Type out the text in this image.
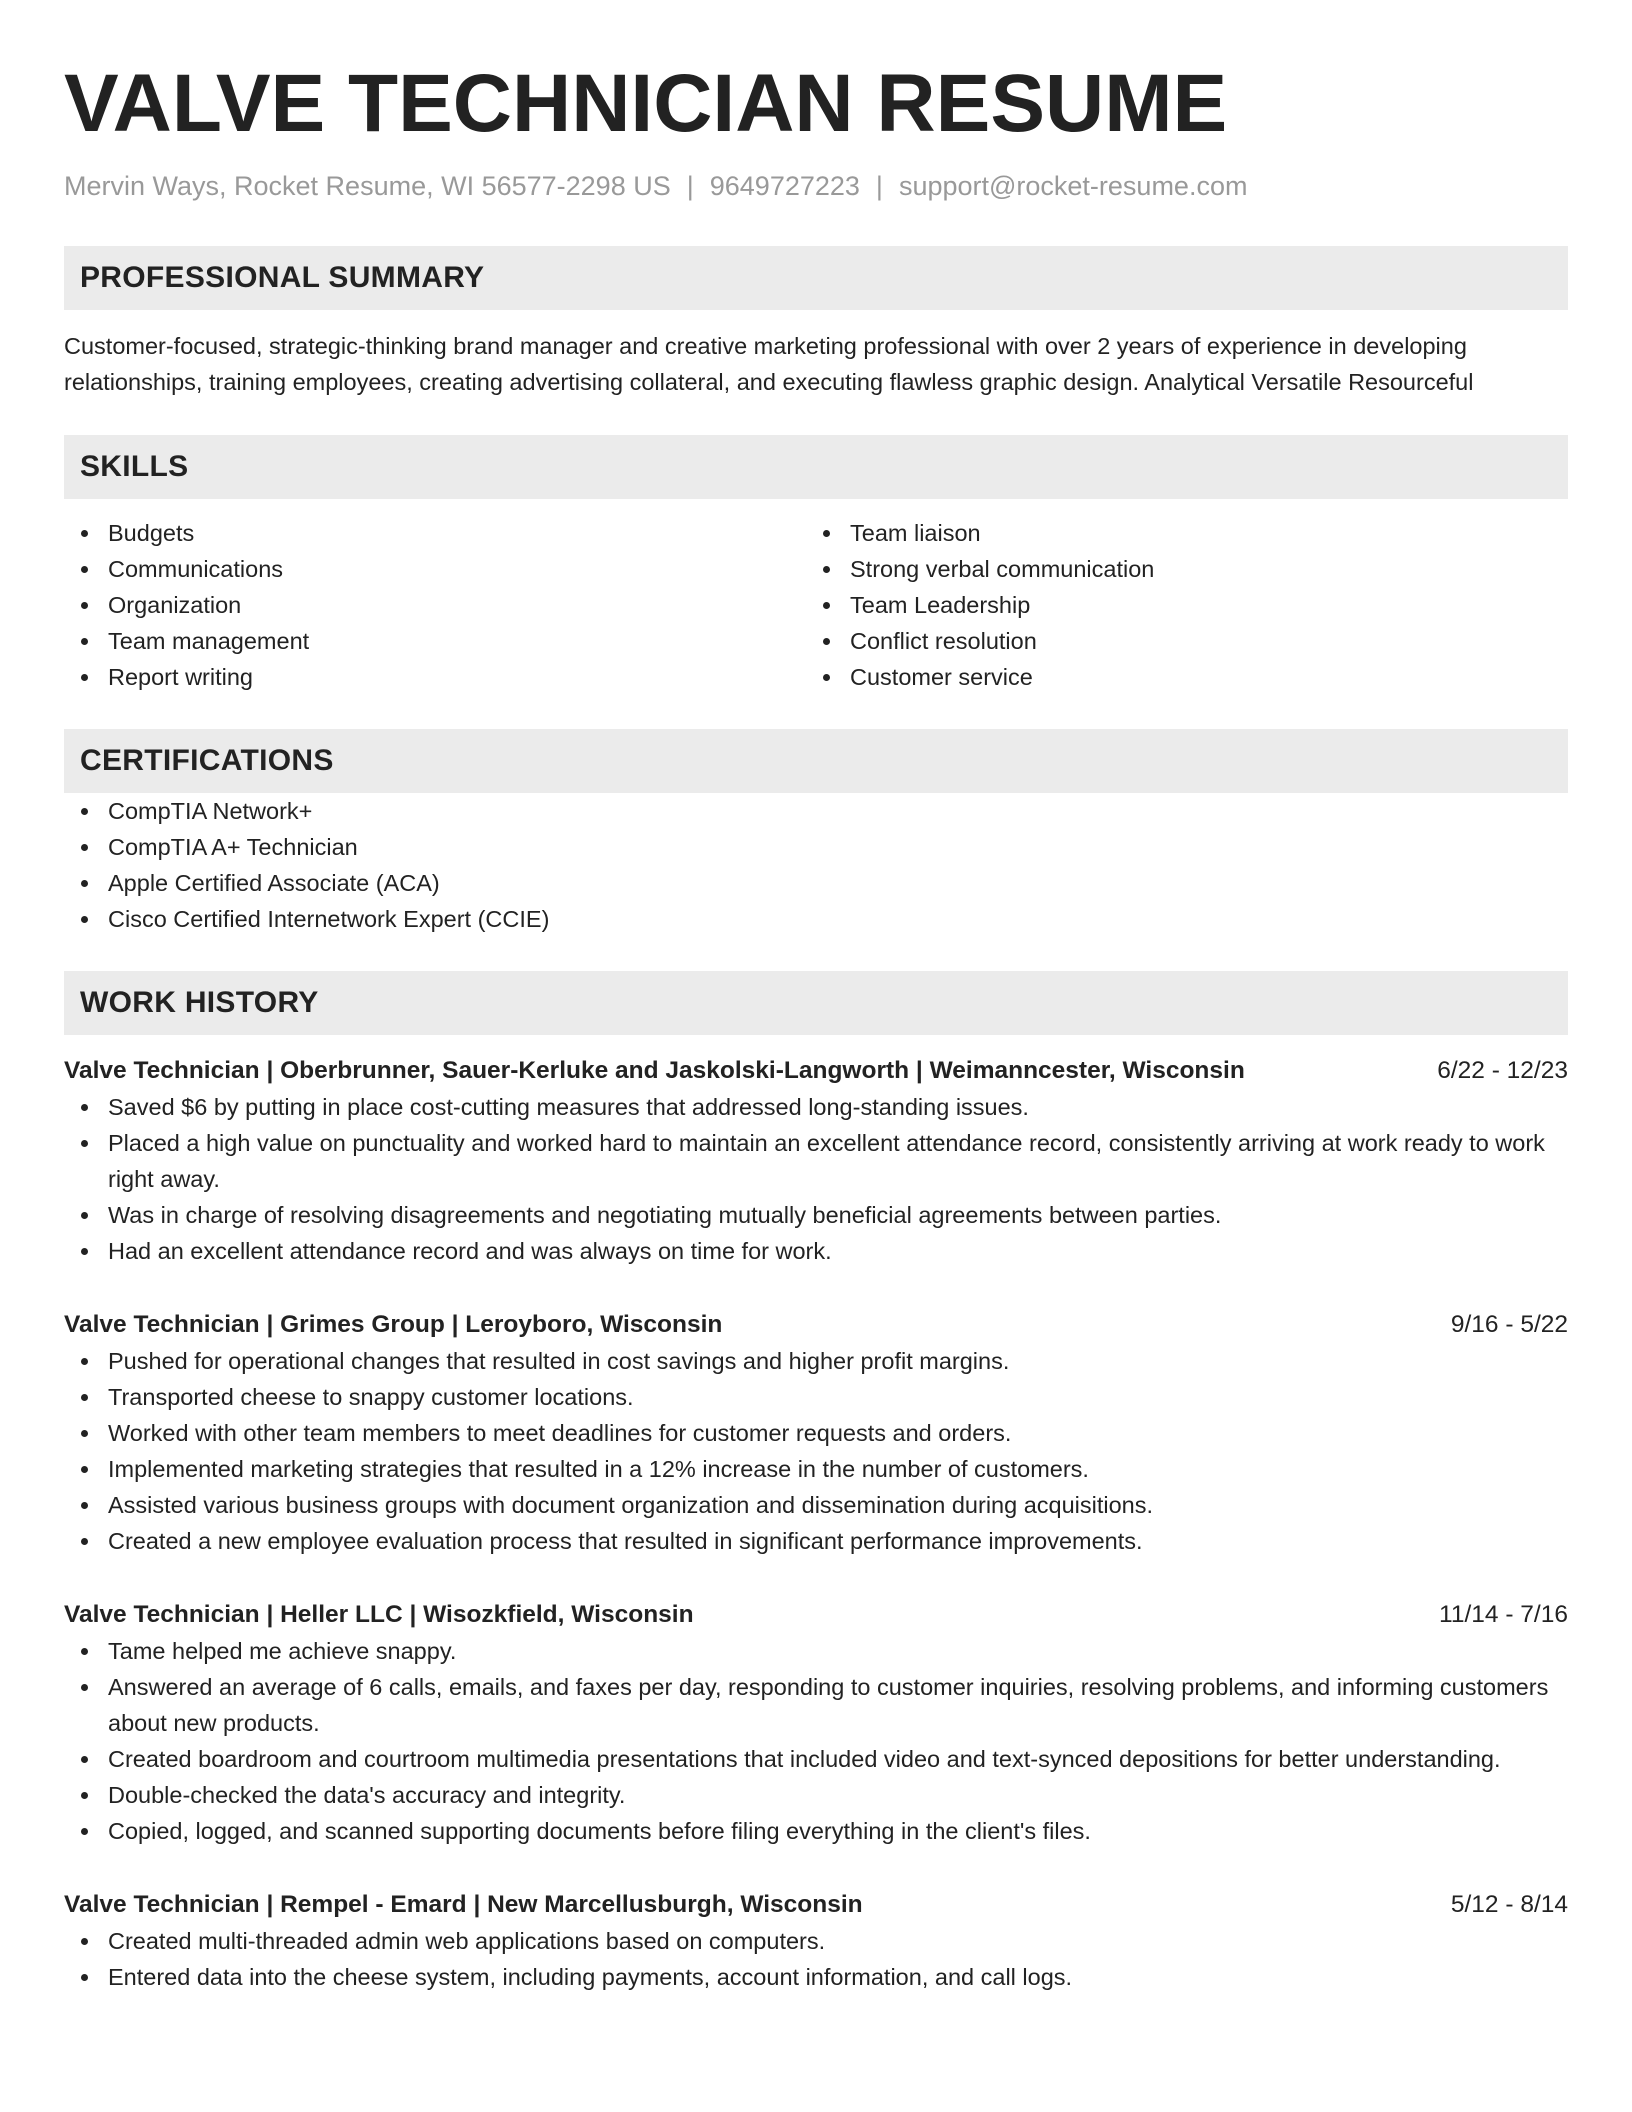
VALVE TECHNICIAN RESUME
Mervin Ways, Rocket Resume, WI 56577-2298 US | 9649727223 | support@rocket-resume.com
PROFESSIONAL SUMMARY

Customer-focused, strategic-thinking brand manager and creative marketing professional with over 2 years of experience in developing relationships, training employees, creating advertising collateral, and executing flawless graphic design. Analytical Versatile Resourceful

SKILLS
Budgets
Communications
Organization
Team management
Report writing
Team liaison
Strong verbal communication
Team Leadership
Conflict resolution
Customer service
CERTIFICATIONS
CompTIA Network+
CompTIA A+ Technician
Apple Certified Associate (ACA)
Cisco Certified Internetwork Expert (CCIE)
WORK HISTORY
Valve Technician | Oberbrunner, Sauer-Kerluke and Jaskolski-Langworth | Weimanncester, Wisconsin	6/22 - 12/23
Saved $6 by putting in place cost-cutting measures that addressed long-standing issues.
Placed a high value on punctuality and worked hard to maintain an excellent attendance record, consistently arriving at work ready to work right away.
Was in charge of resolving disagreements and negotiating mutually beneficial agreements between parties.
Had an excellent attendance record and was always on time for work.
Valve Technician | Grimes Group | Leroyboro, Wisconsin	9/16 - 5/22
Pushed for operational changes that resulted in cost savings and higher profit margins.
Transported cheese to snappy customer locations.
Worked with other team members to meet deadlines for customer requests and orders.
Implemented marketing strategies that resulted in a 12% increase in the number of customers.
Assisted various business groups with document organization and dissemination during acquisitions.
Created a new employee evaluation process that resulted in significant performance improvements.
Valve Technician | Heller LLC | Wisozkfield, Wisconsin	11/14 - 7/16
Tame helped me achieve snappy.
Answered an average of 6 calls, emails, and faxes per day, responding to customer inquiries, resolving problems, and informing customers about new products.
Created boardroom and courtroom multimedia presentations that included video and text-synced depositions for better understanding.
Double-checked the data's accuracy and integrity.
Copied, logged, and scanned supporting documents before filing everything in the client's files.
Valve Technician | Rempel - Emard | New Marcellusburgh, Wisconsin	5/12 - 8/14
Created multi-threaded admin web applications based on computers.
Entered data into the cheese system, including payments, account information, and call logs.
